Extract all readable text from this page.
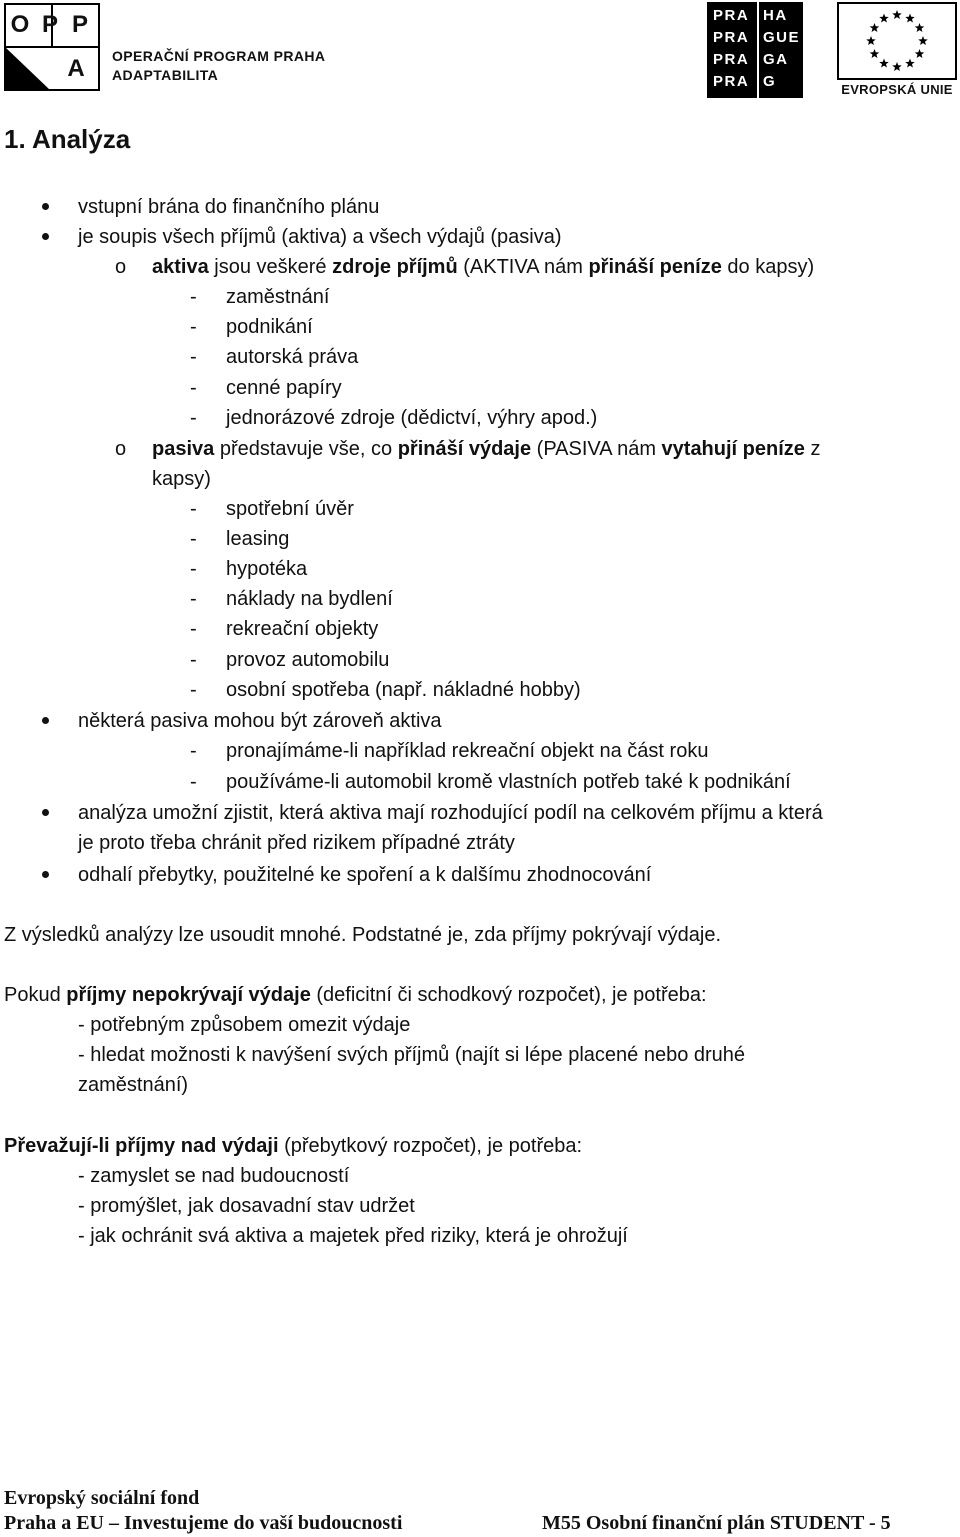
O P P
A OPERAČNÍ PROGRAM PRAHA
ADAPTABILITA
PRA
PRA
PRA
PRA
HA
GUE
GA
G	EVROPSKÁ UNIE
1. Analýza
vstupní brána do finančního plánu
je soupis všech příjmů (aktiva) a všech výdajů (pasiva)
o aktiva jsou veškeré zdroje příjmů (AKTIVA nám přináší peníze do kapsy)
- zaměstnání
- podnikání
- autorská práva
- cenné papíry
- jednorázové zdroje (dědictví, výhry apod.)
o pasiva představuje vše, co přináší výdaje (PASIVA nám vytahují peníze z
kapsy)
- spotřební úvěr
- leasing
- hypotéka
- náklady na bydlení
- rekreační objekty
- provoz automobilu
- osobní spotřeba (např. nákladné hobby)
některá pasiva mohou být zároveň aktiva
- pronajímáme-li například rekreační objekt na část roku
- používáme-li automobil kromě vlastních potřeb také k podnikání
analýza umožní zjistit, která aktiva mají rozhodující podíl na celkovém příjmu a která
je proto třeba chránit před rizikem případné ztráty
odhalí přebytky, použitelné ke spoření a k dalšímu zhodnocování
Z výsledků analýzy lze usoudit mnohé. Podstatné je, zda příjmy pokrývají výdaje.
Pokud příjmy nepokrývají výdaje (deficitní či schodkový rozpočet), je potřeba:
- potřebným způsobem omezit výdaje
- hledat možnosti k navýšení svých příjmů (najít si lépe placené nebo druhé
zaměstnání)
Převažují-li příjmy nad výdaji (přebytkový rozpočet), je potřeba:
- zamyslet se nad budoucností
- promýšlet, jak dosavadní stav udržet
- jak ochránit svá aktiva a majetek před riziky, která je ohrožují
Evropský sociální fond
Praha a EU – Investujeme do vaší budoucnosti	M55 Osobní finanční plán STUDENT - 5
